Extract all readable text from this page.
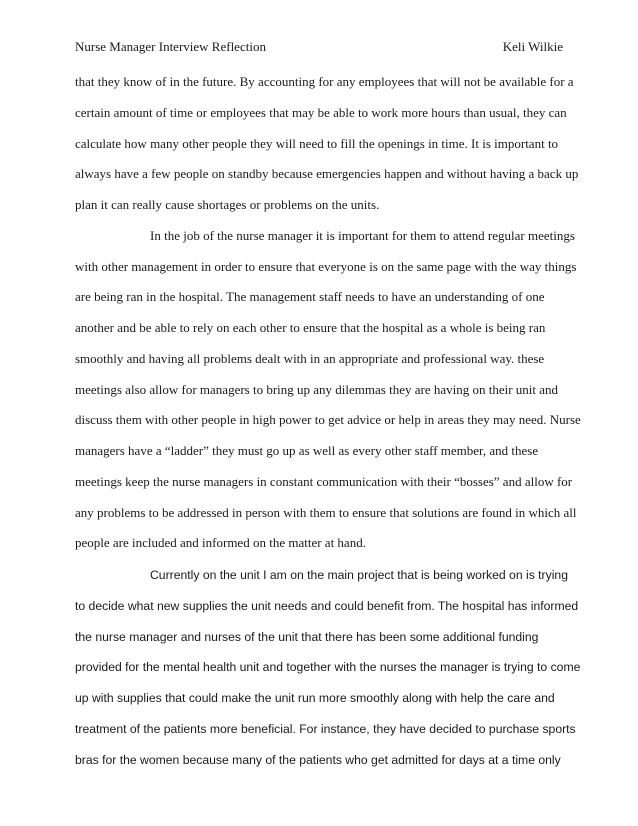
Nurse Manager Interview Reflection	Keli Wilkie
that they know of in the future. By accounting for any employees that will not be available for a
certain amount of time or employees that may be able to work more hours than usual, they can
calculate how many other people they will need to fill the openings in time. It is important to
always have a few people on standby because emergencies happen and without having a back up
plan it can really cause shortages or problems on the units.
In the job of the nurse manager it is important for them to attend regular meetings
with other management in order to ensure that everyone is on the same page with the way things
are being ran in the hospital. The management staff needs to have an understanding of one
another and be able to rely on each other to ensure that the hospital as a whole is being ran
smoothly and having all problems dealt with in an appropriate and professional way. these
meetings also allow for managers to bring up any dilemmas they are having on their unit and
discuss them with other people in high power to get advice or help in areas they may need. Nurse
managers have a “ladder” they must go up as well as every other staff member, and these
meetings keep the nurse managers in constant communication with their “bosses” and allow for
any problems to be addressed in person with them to ensure that solutions are found in which all
people are included and informed on the matter at hand.
Currently on the unit I am on the main project that is being worked on is trying
to decide what new supplies the unit needs and could benefit from. The hospital has informed
the nurse manager and nurses of the unit that there has been some additional funding
provided for the mental health unit and together with the nurses the manager is trying to come
up with supplies that could make the unit run more smoothly along with help the care and
treatment of the patients more beneficial. For instance, they have decided to purchase sports
bras for the women because many of the patients who get admitted for days at a time only
